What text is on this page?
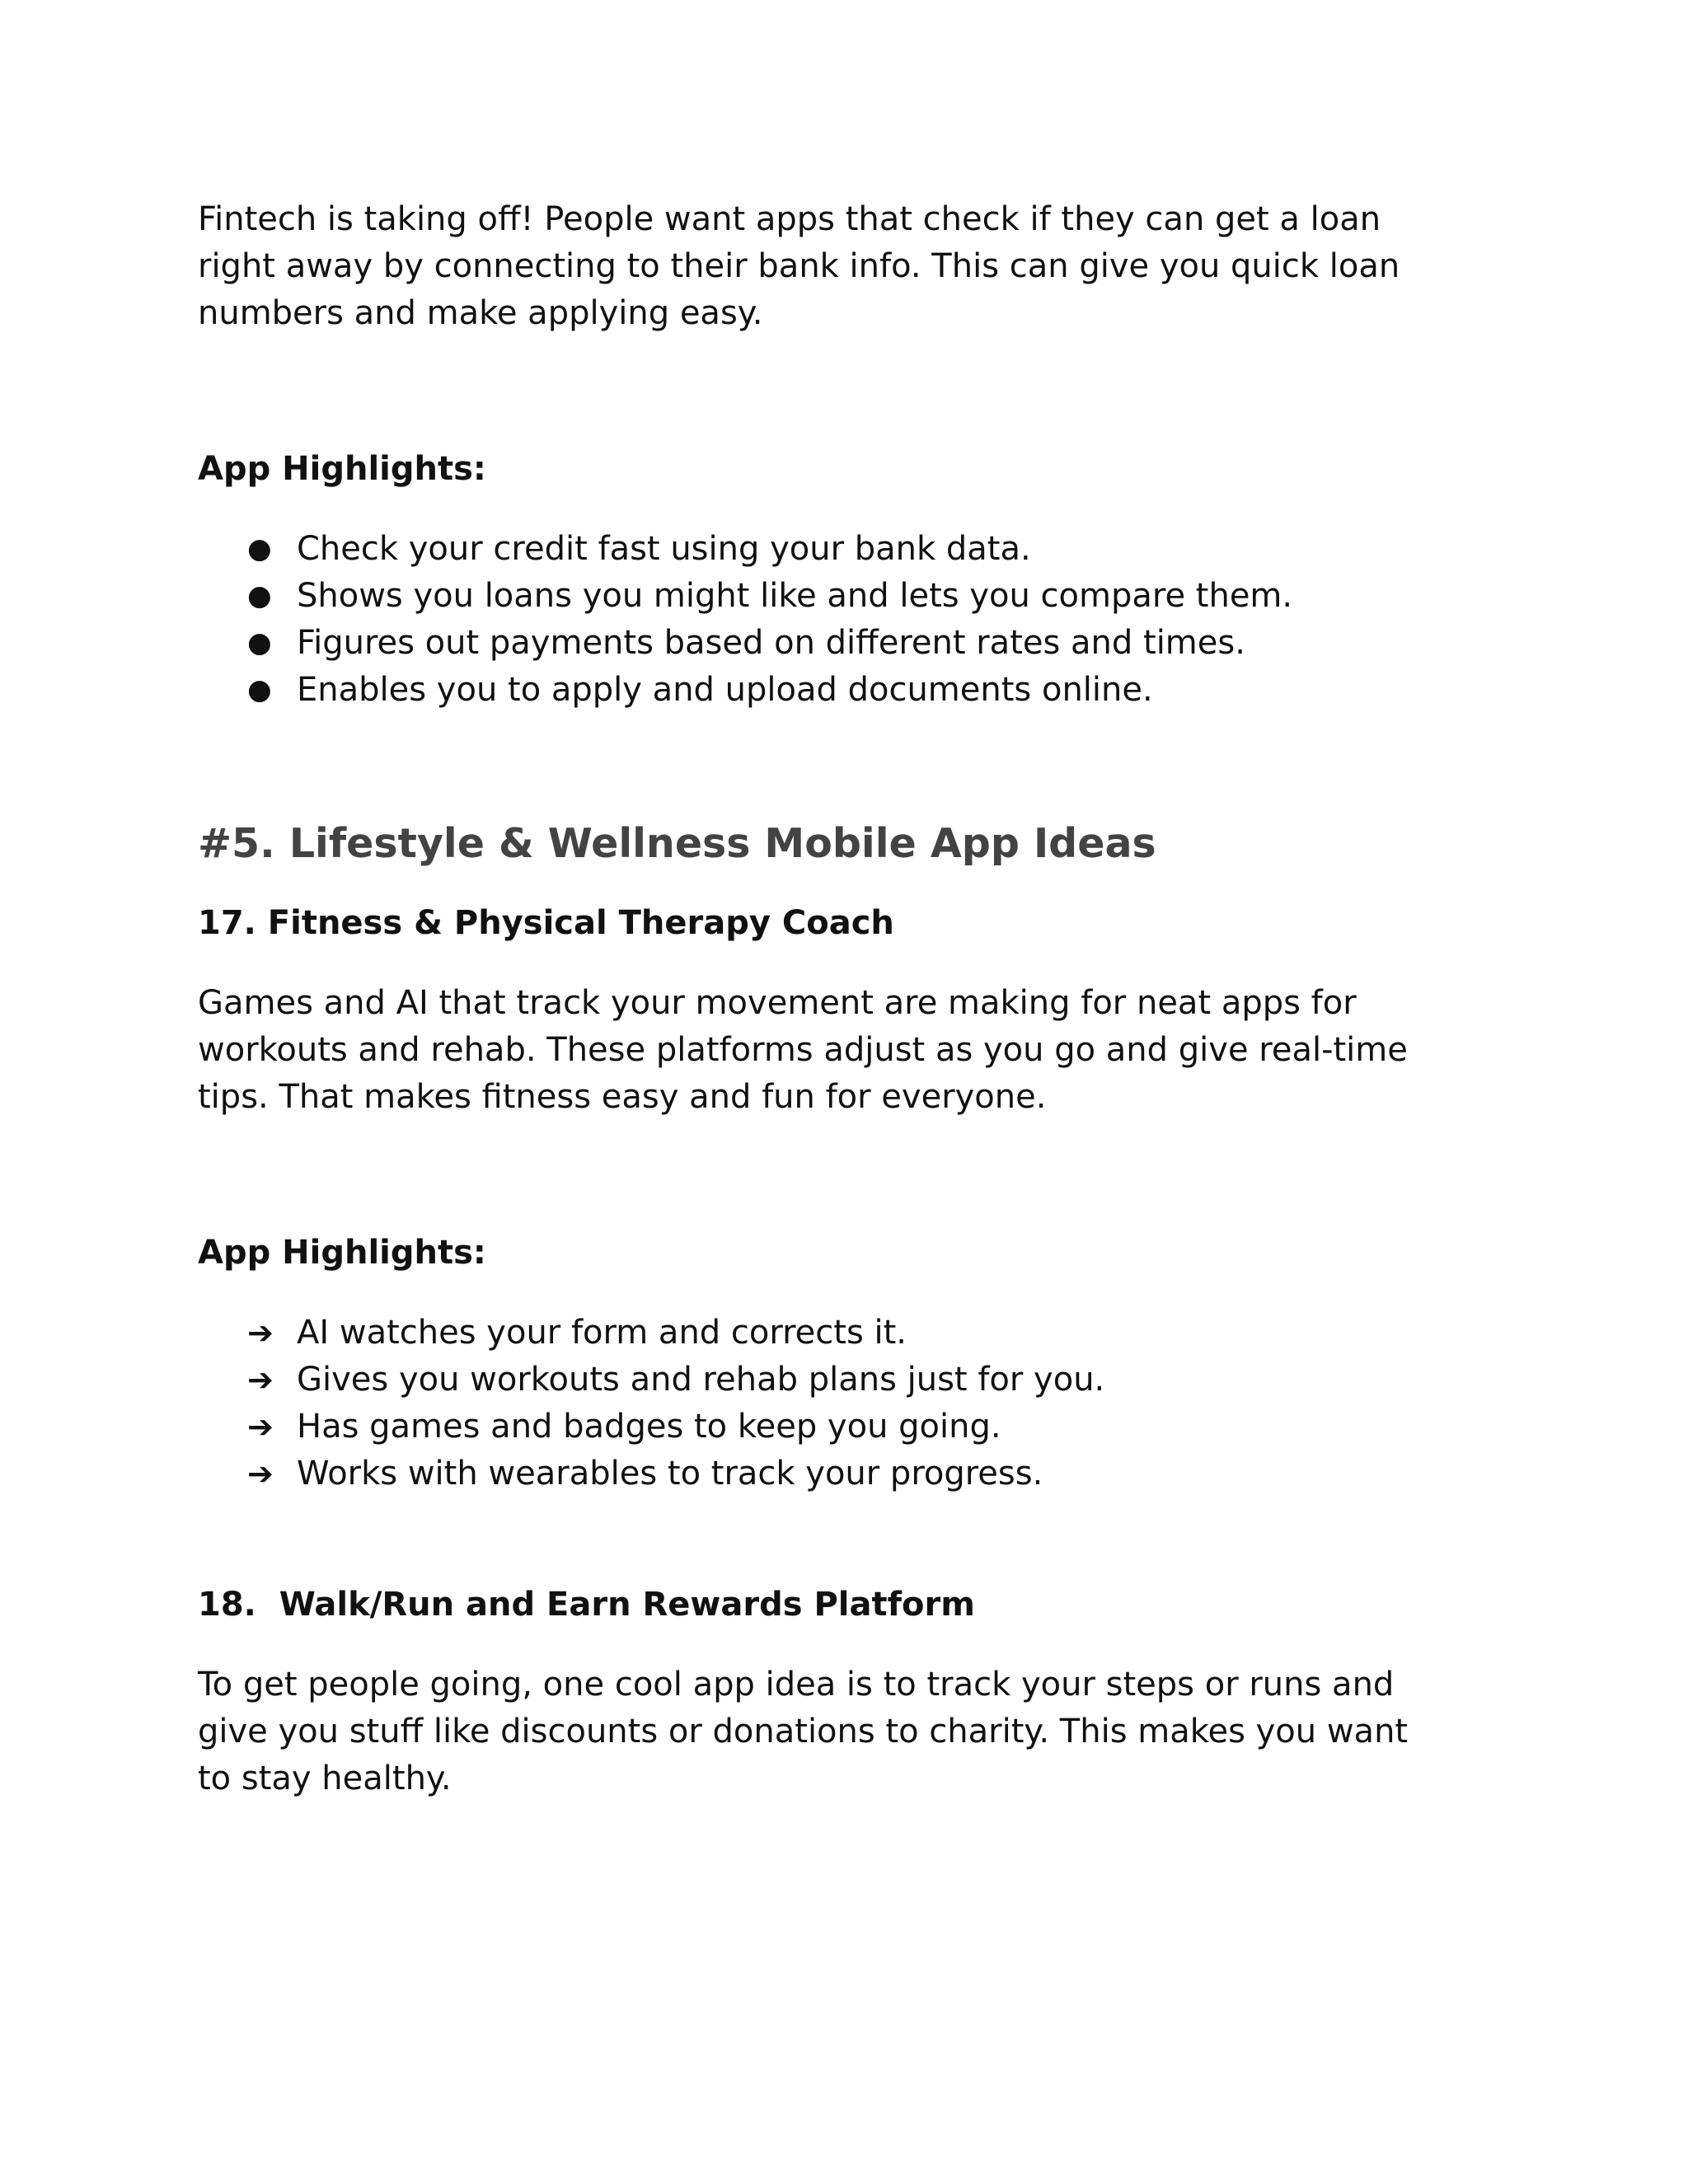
Fintech is taking off! People want apps that check if they can get a loan right away by connecting to their bank info. This can give you quick loan numbers and make applying easy.

App Highlights:

● Check your credit fast using your bank data.
● Shows you loans you might like and lets you compare them.
● Figures out payments based on different rates and times.
● Enables you to apply and upload documents online.
#5. Lifestyle & Wellness Mobile App Ideas
17. Fitness & Physical Therapy Coach

Games and AI that track your movement are making for neat apps for workouts and rehab. These platforms adjust as you go and give real-time tips. That makes fitness easy and fun for everyone.

App Highlights:

➔ AI watches your form and corrects it.
➔ Gives you workouts and rehab plans just for you.
➔ Has games and badges to keep you going.
➔ Works with wearables to track your progress.
18.  Walk/Run and Earn Rewards Platform

To get people going, one cool app idea is to track your steps or runs and give you stuff like discounts or donations to charity. This makes you want to stay healthy.
